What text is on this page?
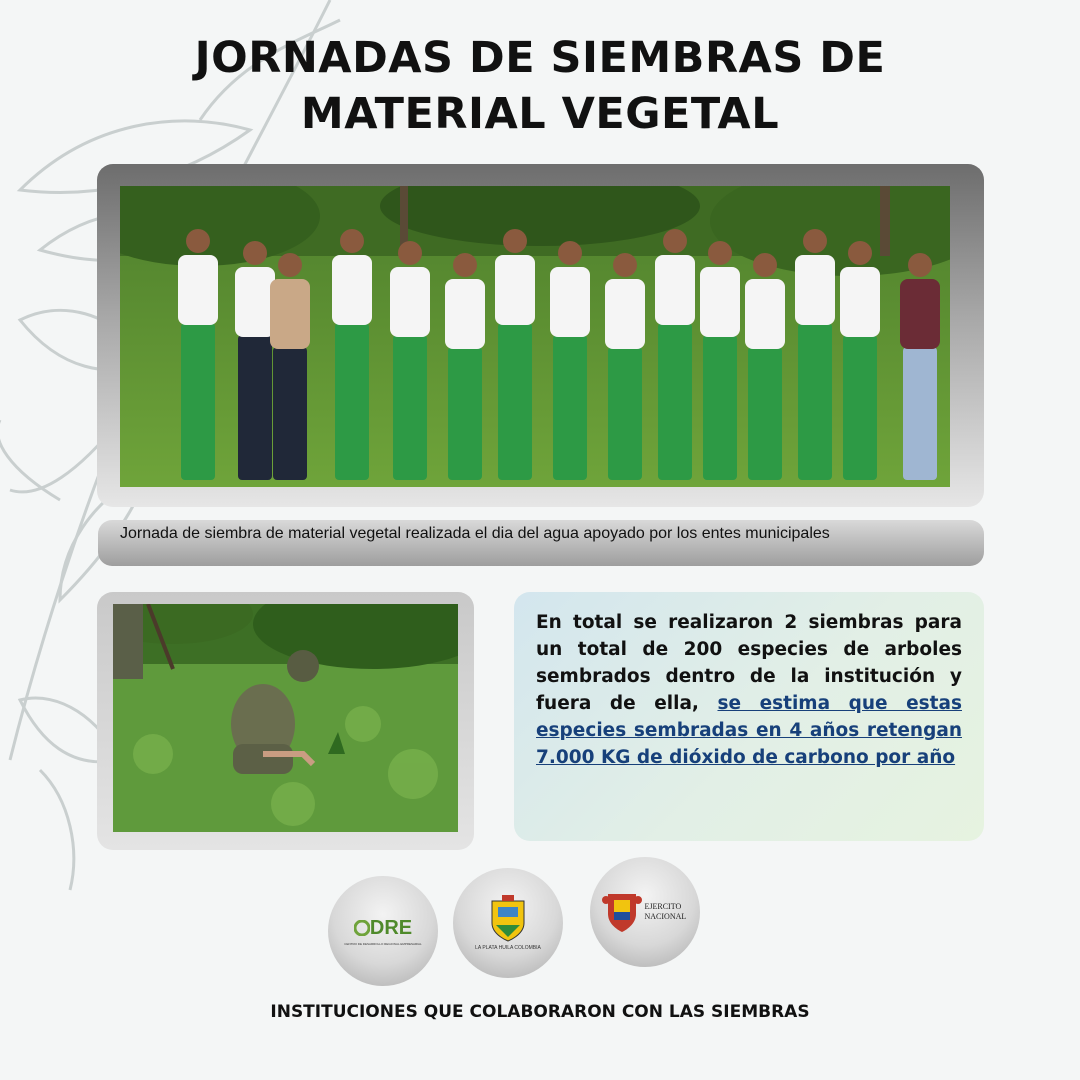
JORNADAS DE SIEMBRAS DE MATERIAL VEGETAL
Jornada de siembra de material vegetal realizada el dia del agua apoyado por los entes municipales
En total se realizaron 2 siembras para un total de 200 especies de arboles sembrados dentro de la institución y fuera de ella, se estima que estas especies sembradas en 4 años retengan 7.000 KG de dióxido de carbono por año
DRE
CENTRO DE DESARROLLO REGIONAL EMPRESARIAL
LA PLATA HUILA COLOMBIA
EJERCITO NACIONAL
INSTITUCIONES QUE COLABORARON CON LAS SIEMBRAS
